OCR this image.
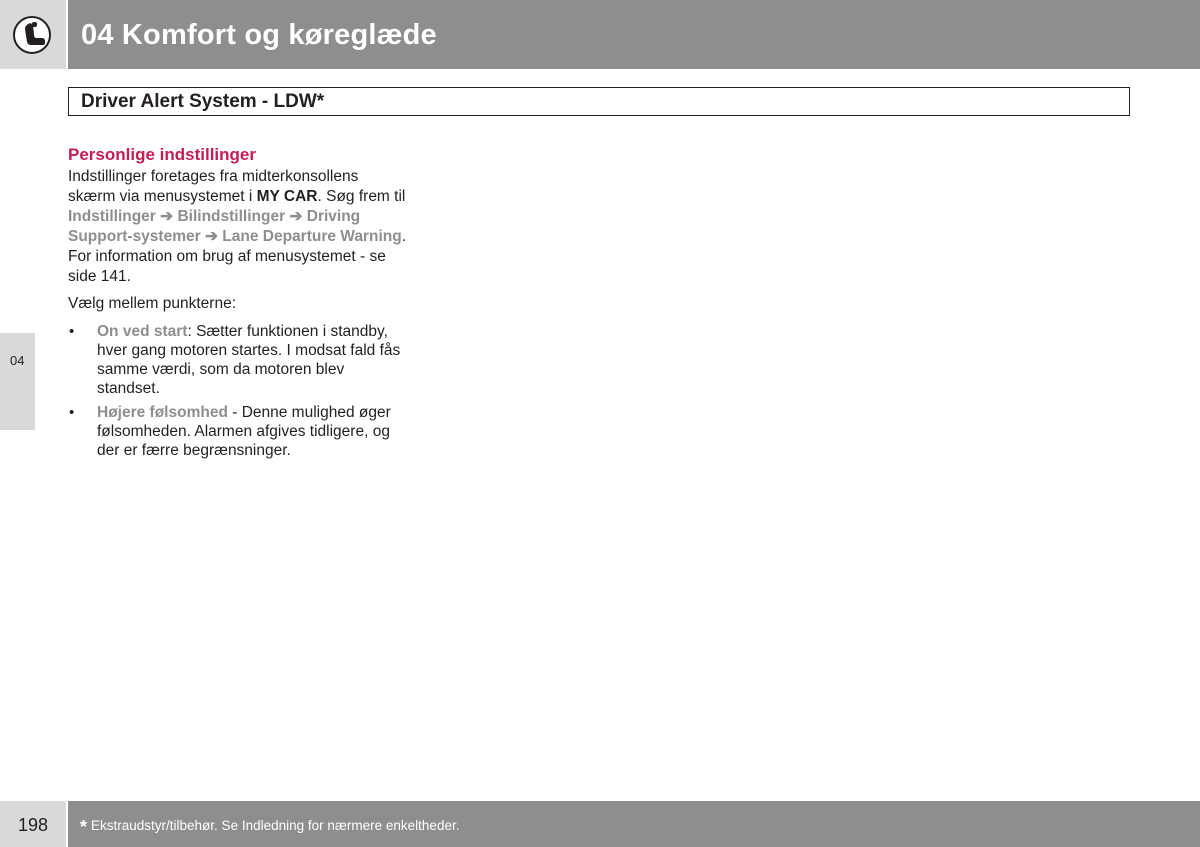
04 Komfort og køreglæde
Driver Alert System - LDW*
Personlige indstillinger

Indstillinger foretages fra midterkonsollens skærm via menusystemet i MY CAR. Søg frem til Indstillinger ➔ Bilindstillinger ➔ Driving Support-systemer ➔ Lane Departure Warning. For information om brug af menusystemet - se side 141.

Vælg mellem punkterne:

• On ved start: Sætter funktionen i standby, hver gang motoren startes. I modsat fald fås samme værdi, som da motoren blev standset.
• Højere følsomhed - Denne mulighed øger følsomheden. Alarmen afgives tidligere, og der er færre begrænsninger.
04
198 * Ekstraudstyr/tilbehør. Se Indledning for nærmere enkeltheder.
